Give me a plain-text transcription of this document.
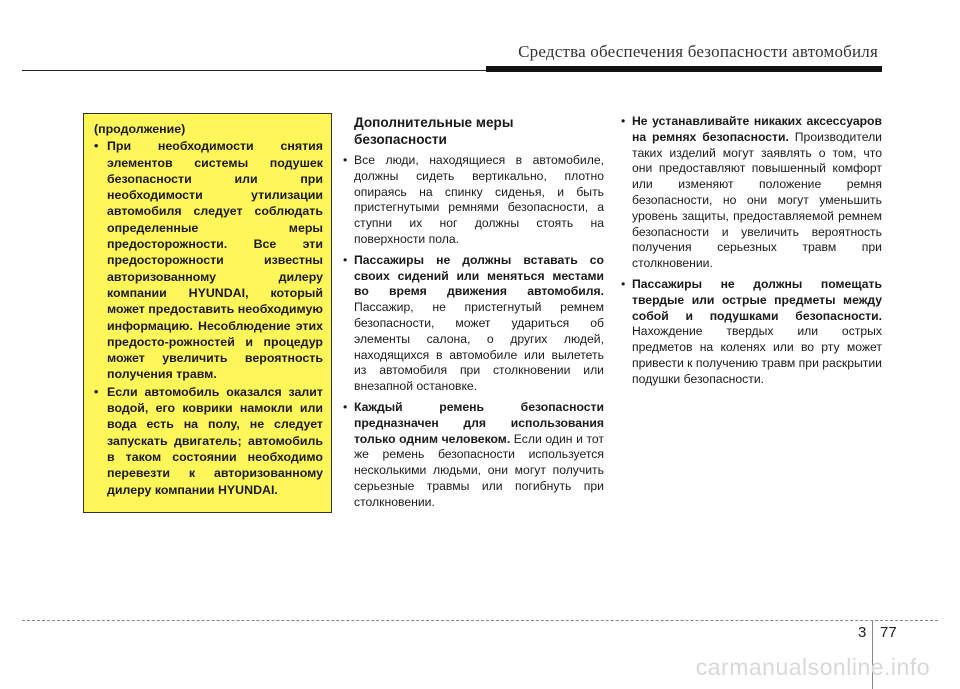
Средства обеспечения безопасности автомобиля
(продолжение)
• При необходимости снятия элементов системы подушек безопасности или при необходимости утилизации автомобиля следует соблюдать определенные меры предосторожности. Все эти предосторожности известны авторизованному дилеру компании HYUNDAI, который может предоставить необходимую информацию. Несоблюдение этих предосто-рожностей и процедур может увеличить вероятность получения травм.
• Если автомобиль оказался залит водой, его коврики намокли или вода есть на полу, не следует запускать двигатель; автомобиль в таком состоянии необходимо перевезти к авторизованному дилеру компании HYUNDAI.
Дополнительные меры безопасности
• Все люди, находящиеся в автомобиле, должны сидеть вертикально, плотно опираясь на спинку сиденья, и быть пристегнутыми ремнями безопасности, а ступни их ног должны стоять на поверхности пола.
• Пассажиры не должны вставать со своих сидений или меняться местами во время движения автомобиля. Пассажир, не пристегнутый ремнем безопасности, может удариться об элементы салона, о других людей, находящихся в автомобиле или вылететь из автомобиля при столкновении или внезапной остановке.
• Каждый ремень безопасности предназначен для использования только одним человеком. Если один и тот же ремень безопасности используется несколькими людьми, они могут получить серьезные травмы или погибнуть при столкновении.
• Не устанавливайте никаких аксессуаров на ремнях безопасности. Производители таких изделий могут заявлять о том, что они предоставляют повышенный комфорт или изменяют положение ремня безопасности, но они могут уменьшить уровень защиты, предоставляемой ремнем безопасности и увеличить вероятность получения серьезных травм при столкновении.
• Пассажиры не должны помещать твердые или острые предметы между собой и подушками безопасности. Нахождение твердых или острых предметов на коленях или во рту может привести к получению травм при раскрытии подушки безопасности.
3 77
carmanualsonline.info
